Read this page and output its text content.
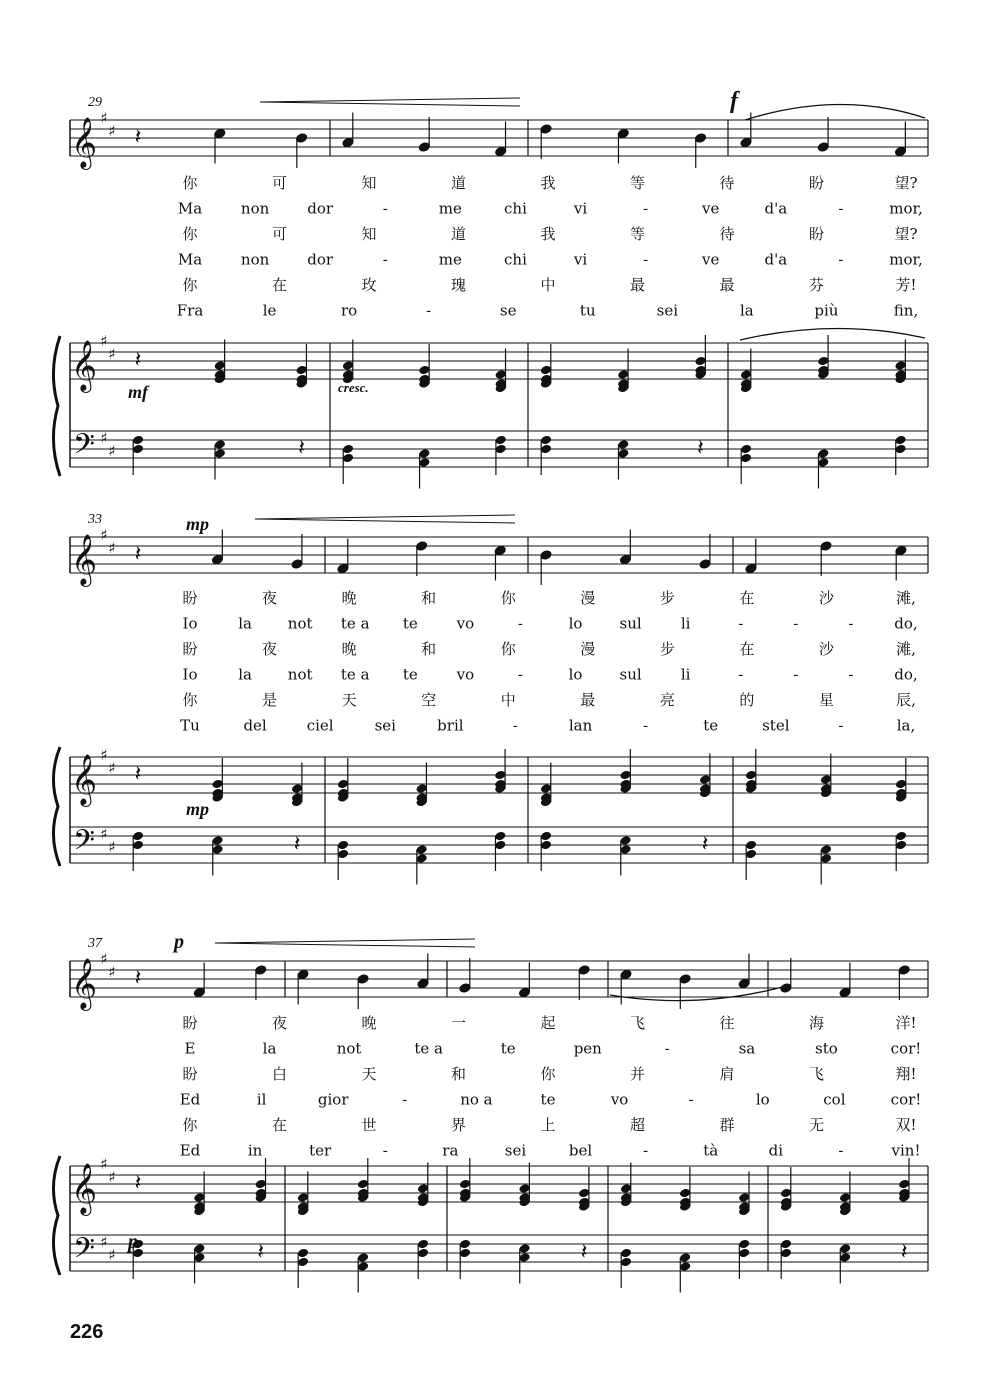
𝄞
𝄞
𝄢
♯
♯
♯
♯
♯
♯
29
你	可	知	道	我	等	待	盼	望?
Ma	non	dor	-	me	chi	vi	-	ve	d'a	-	mor,
你	可	知	道	我	等	待	盼	望?
Ma	non	dor	-	me	chi	vi	-	ve	d'a	-	mor,
你	在	玫	瑰	中	最	最	芬	芳!
Fra	le	ro	-	se	tu	sei	la	più	fin,
𝄽
𝄽
𝄽	𝄽
𝄞
𝄞
𝄢
♯
♯
♯
♯
♯
♯
33
盼	夜	晚	和	你	漫	步	在	沙	滩,
Io	la not te a te	vo	-	lo sul	li	-	-	-	do,
盼	夜	晚	和	你	漫	步	在	沙	滩,
Io	la not te a te	vo	-	lo sul	li	-	-	-	do,
你	是	天	空	中	最	亮	的	星	辰,
Tu	del	ciel	sei	bril	-	lan	-	te	stel	-	la,
𝄽
𝄽
𝄽	𝄽
𝄞
𝄞
𝄢
♯
♯
♯
♯
♯
♯
37
盼	夜	晚	一	起	飞	往	海	洋!
E	la	not	te a	te	pen	-	sa	sto	cor!
盼	白	天	和	你	并	肩	飞	翔!
Ed	il	gior	-	no a	te	vo	-	lo	col	cor!
你	在	世	界	上	超	群	无	双!
Ed	in	ter	-	ra	sei	bel	-	tà	di	-	vin!
𝄽
𝄽
𝄽	𝄽	𝄽
f
mf	cresc.
mp
mp
p
p
226
